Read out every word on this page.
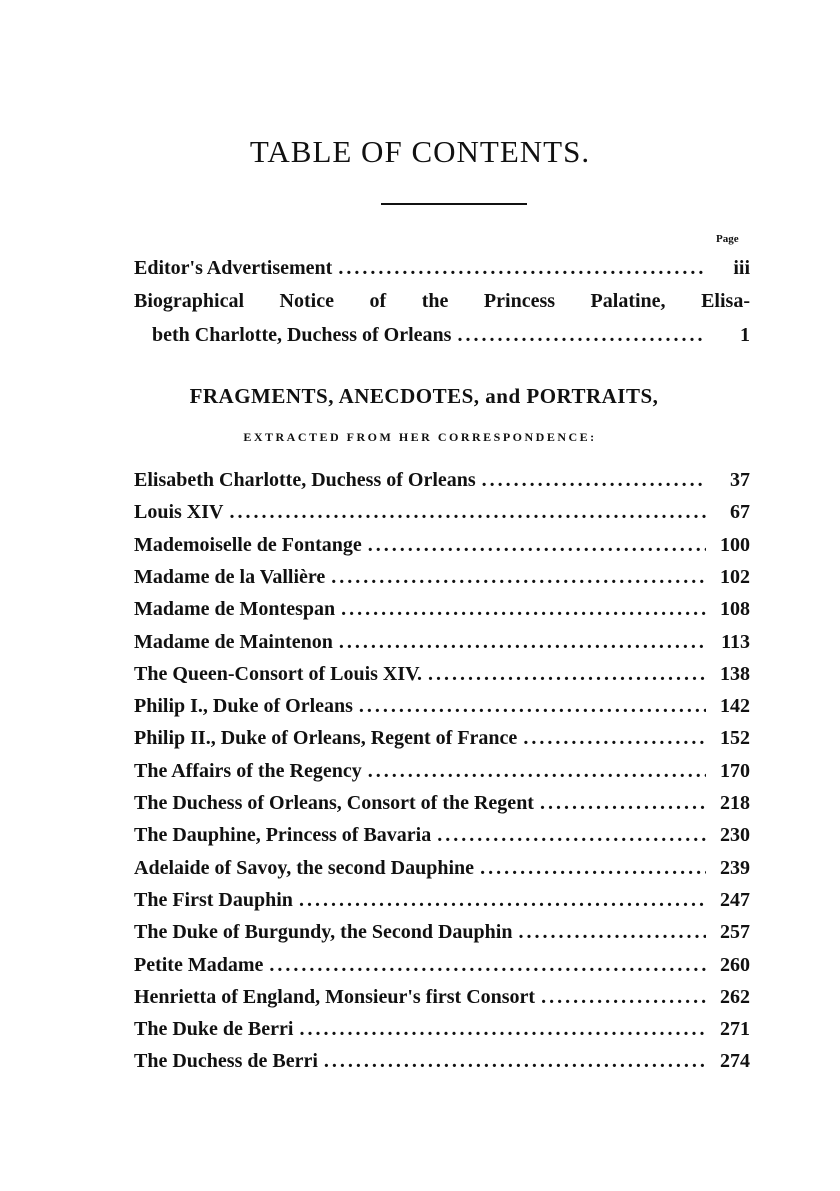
TABLE OF CONTENTS.
Page
Editor's Advertisement .....	iii
Biographical Notice of the Princess Palatine, Elisa-
beth Charlotte, Duchess of Orleans .....	1
FRAGMENTS, ANECDOTES, and PORTRAITS,
EXTRACTED FROM HER CORRESPONDENCE:
Elisabeth Charlotte, Duchess of Orleans .....	37
Louis XIV .....	67
Mademoiselle de Fontange .....	100
Madame de la Vallière .....	102
Madame de Montespan .....	108
Madame de Maintenon .....	113
The Queen-Consort of Louis XIV. .....	138
Philip I., Duke of Orleans .....	142
Philip II., Duke of Orleans, Regent of France .....	152
The Affairs of the Regency .....	170
The Duchess of Orleans, Consort of the Regent .....	218
The Dauphine, Princess of Bavaria .....	230
Adelaide of Savoy, the second Dauphine .....	239
The First Dauphin .....	247
The Duke of Burgundy, the Second Dauphin .....	257
Petite Madame .....	260
Henrietta of England, Monsieur's first Consort .....	262
The Duke de Berri .....	271
The Duchess de Berri .....	274
